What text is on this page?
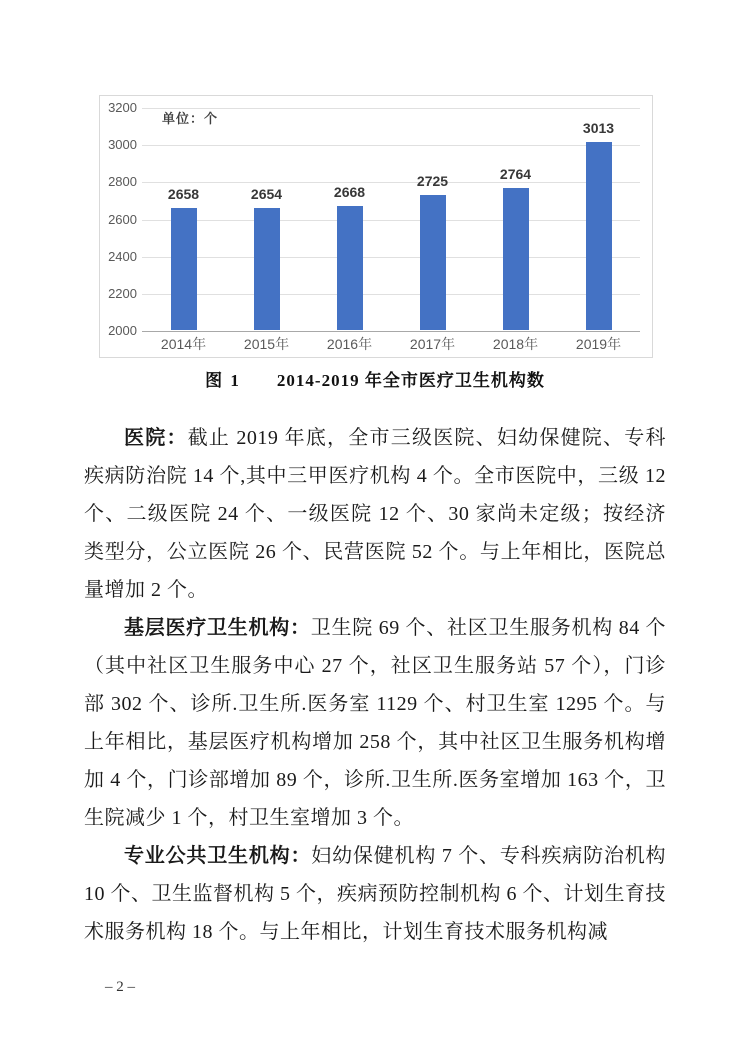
单位：个
2658	2654	2668
2725	2764
3013
3200
3000
2800
2600
2400
2200
2000
2014年	2015年	2016年	2017年	2018年	2019年
图 1 2014-2019 年全市医疗卫生机构数

医院：截止 2019 年底，全市三级医院、妇幼保健院、专科疾病防治院 14 个,其中三甲医疗机构 4 个。全市医院中，三级 12 个、二级医院 24 个、一级医院 12 个、30 家尚未定级；按经济类型分，公立医院 26 个、民营医院 52 个。与上年相比，医院总量增加 2 个。

基层医疗卫生机构：卫生院 69 个、社区卫生服务机构 84 个（其中社区卫生服务中心 27 个，社区卫生服务站 57 个），门诊部 302 个、诊所.卫生所.医务室 1129 个、村卫生室 1295 个。与上年相比，基层医疗机构增加 258 个，其中社区卫生服务机构增加 4 个，门诊部增加 89 个，诊所.卫生所.医务室增加 163 个，卫生院减少 1 个，村卫生室增加 3 个。

专业公共卫生机构：妇幼保健机构 7 个、专科疾病防治机构 10 个、卫生监督机构 5 个，疾病预防控制机构 6 个、计划生育技术服务机构 18 个。与上年相比，计划生育技术服务机构减

– 2 –
